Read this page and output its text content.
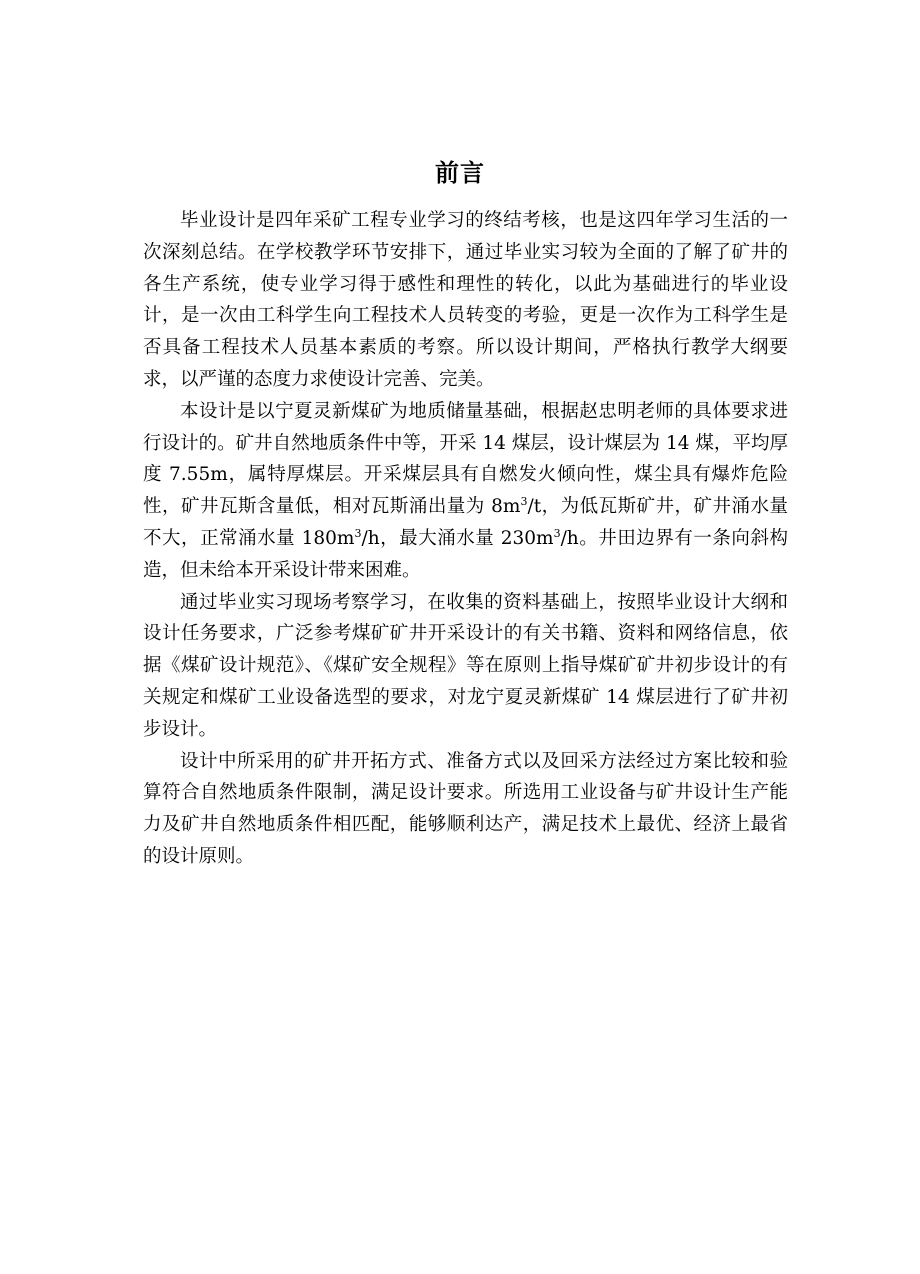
前言

毕业设计是四年采矿工程专业学习的终结考核，也是这四年学习生活的一次深刻总结。在学校教学环节安排下，通过毕业实习较为全面的了解了矿井的各生产系统，使专业学习得于感性和理性的转化，以此为基础进行的毕业设计，是一次由工科学生向工程技术人员转变的考验，更是一次作为工科学生是否具备工程技术人员基本素质的考察。所以设计期间，严格执行教学大纲要求，以严谨的态度力求使设计完善、完美。

本设计是以宁夏灵新煤矿为地质储量基础，根据赵忠明老师的具体要求进行设计的。矿井自然地质条件中等，开采 14 煤层，设计煤层为 14 煤，平均厚度 7.55m，属特厚煤层。开采煤层具有自燃发火倾向性，煤尘具有爆炸危险性，矿井瓦斯含量低，相对瓦斯涌出量为 $8m^3/t$，为低瓦斯矿井，矿井涌水量不大，正常涌水量 $180m^3/h$，最大涌水量 $230m^3/h$。井田边界有一条向斜构造，但未给本开采设计带来困难。

通过毕业实习现场考察学习，在收集的资料基础上，按照毕业设计大纲和设计任务要求，广泛参考煤矿矿井开采设计的有关书籍、资料和网络信息，依据《煤矿设计规范》、《煤矿安全规程》等在原则上指导煤矿矿井初步设计的有关规定和煤矿工业设备选型的要求，对龙宁夏灵新煤矿 14 煤层进行了矿井初步设计。

设计中所采用的矿井开拓方式、准备方式以及回采方法经过方案比较和验算符合自然地质条件限制，满足设计要求。所选用工业设备与矿井设计生产能力及矿井自然地质条件相匹配，能够顺利达产，满足技术上最优、经济上最省的设计原则。
